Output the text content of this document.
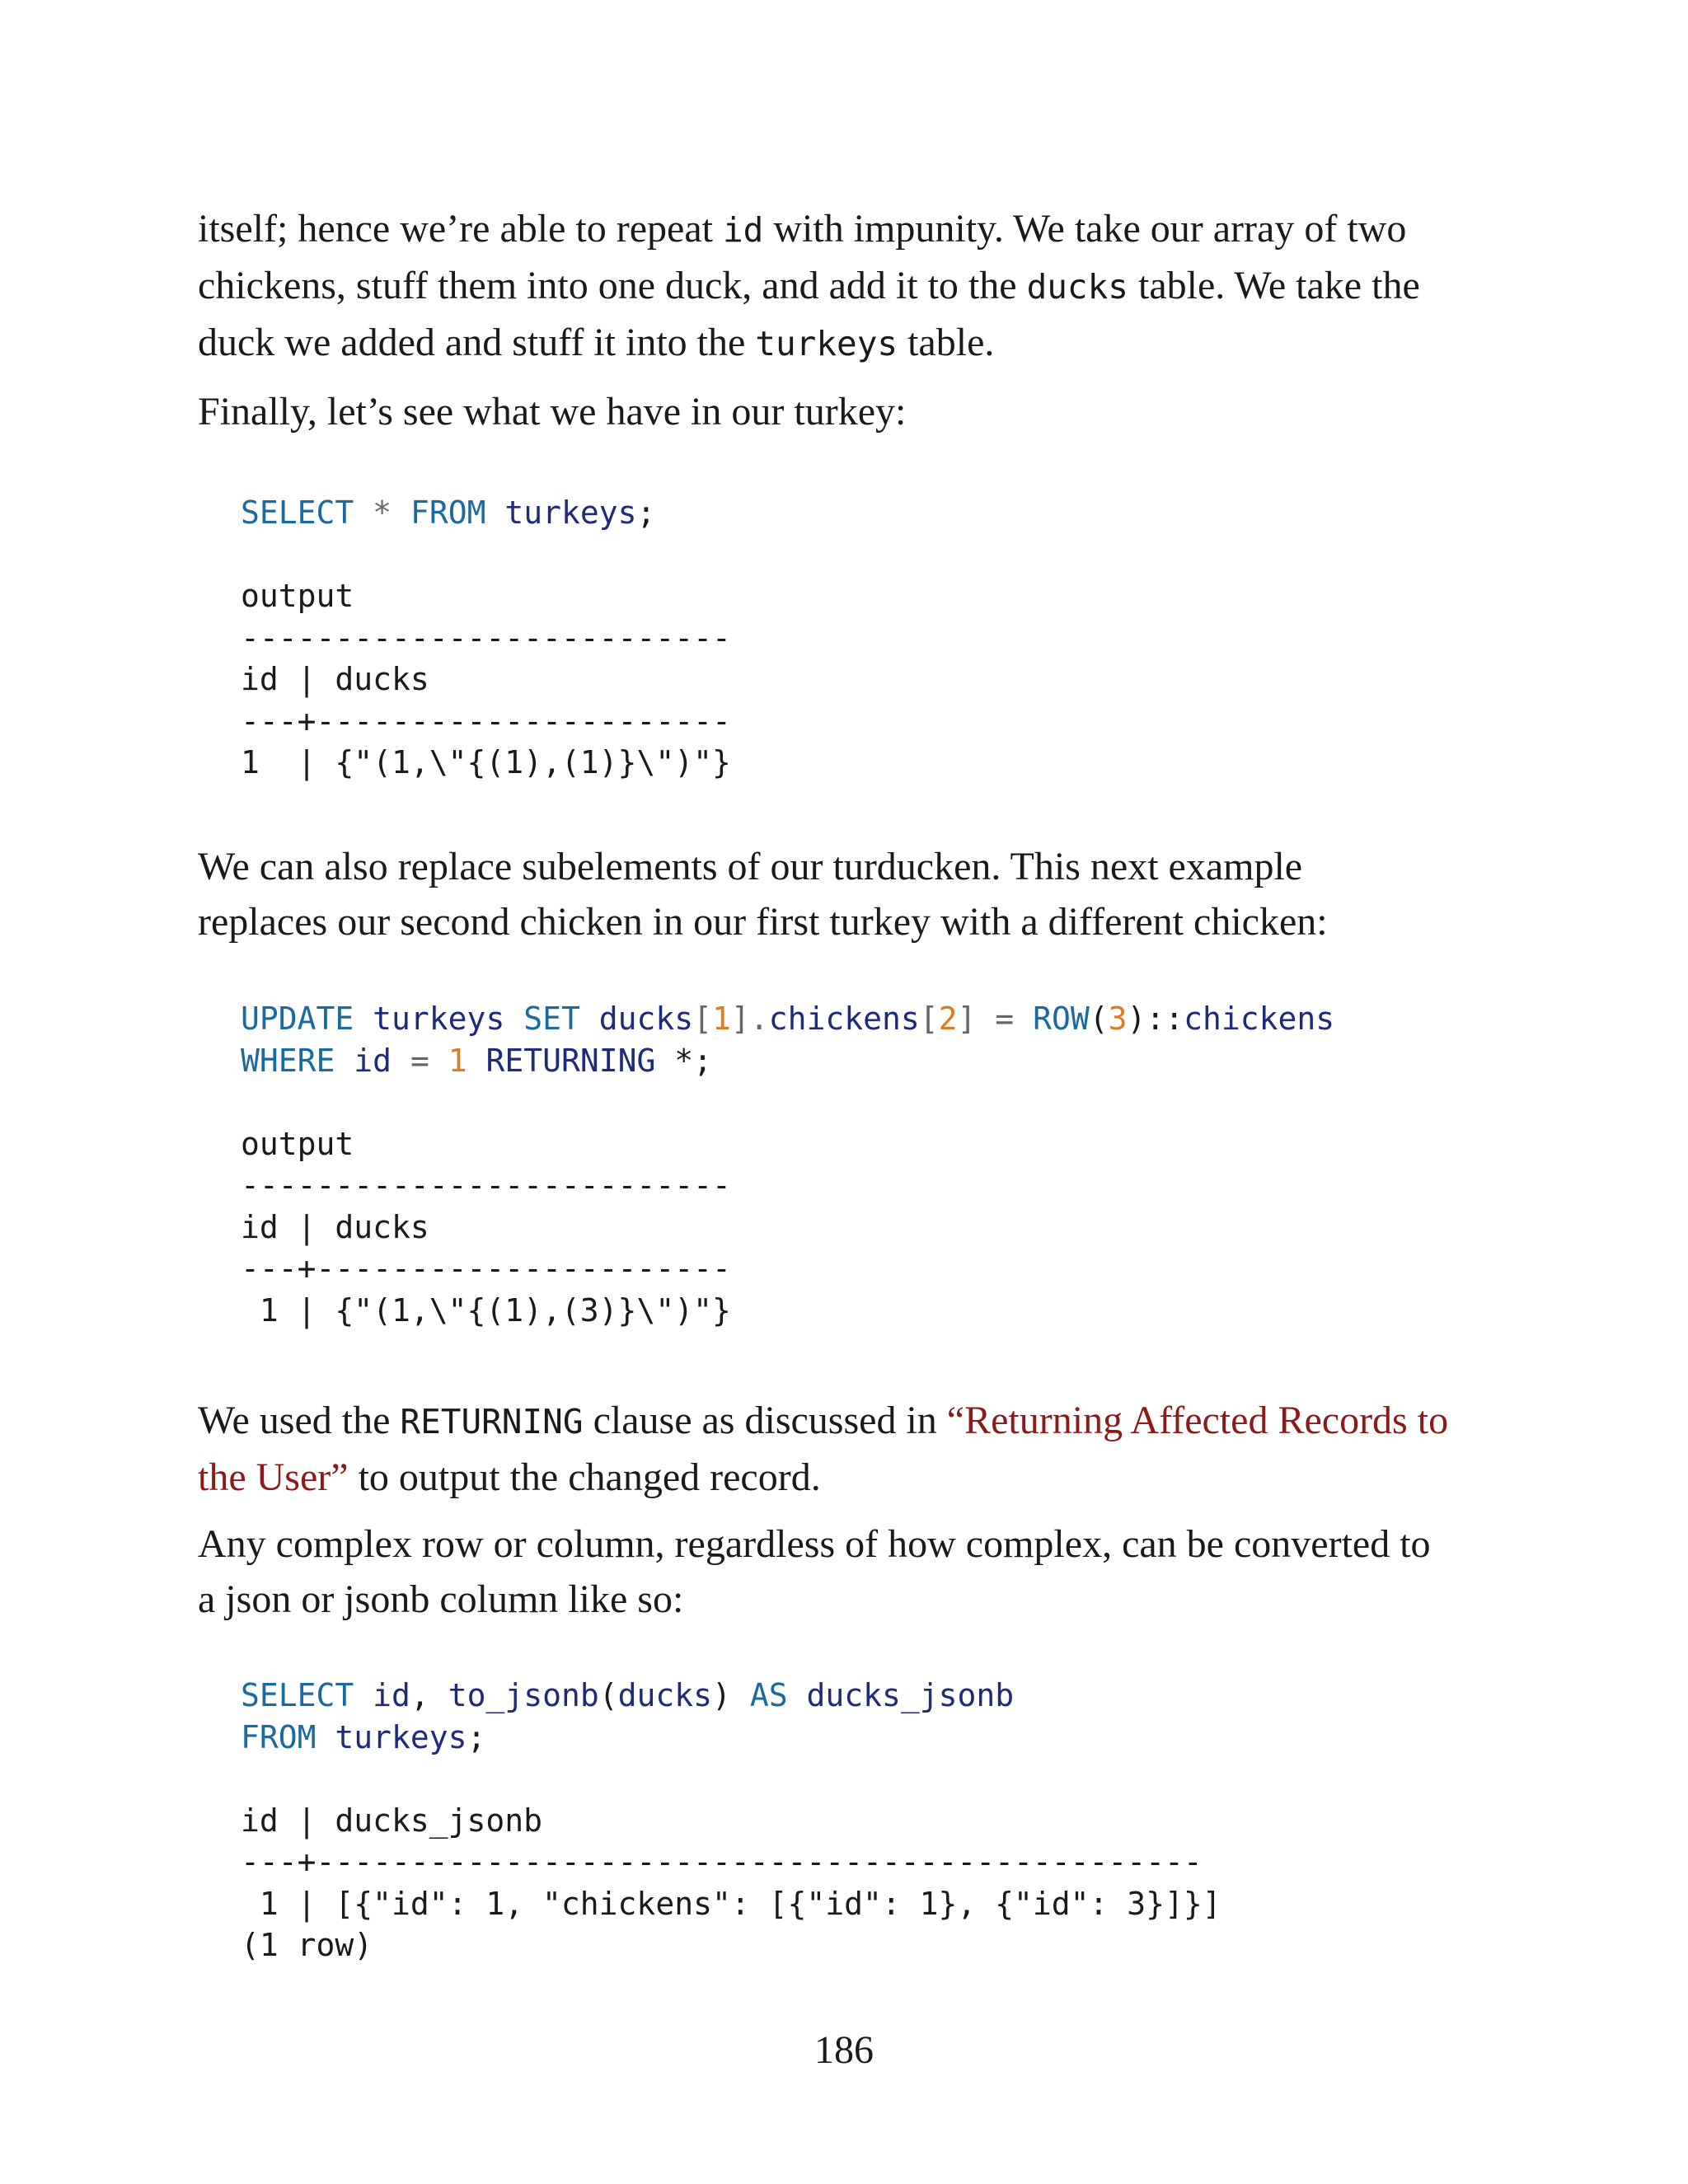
itself; hence we’re able to repeat id with impunity. We take our array of two chickens, stuff them into one duck, and add it to the ducks table. We take the duck we added and stuff it into the turkeys table.

Finally, let’s see what we have in our turkey:

SELECT * FROM turkeys;

output
--------------------------
id | ducks
---+----------------------
1  | {"(1,\"{(1),(1)}\")"}

We can also replace subelements of our turducken. This next example
replaces our second chicken in our first turkey with a different chicken:

UPDATE turkeys SET ducks[1].chickens[2] = ROW(3)::chickens
WHERE id = 1 RETURNING *;

output
--------------------------
id | ducks
---+----------------------
1 | {"(1,\"{(1),(3)}\")"}

We used the RETURNING clause as discussed in “Returning Affected Records to the User” to output the changed record.

Any complex row or column, regardless of how complex, can be converted to
a json or jsonb column like so:

SELECT id, to_jsonb(ducks) AS ducks_jsonb
FROM turkeys;

id | ducks_jsonb
---+-----------------------------------------------
1 | [{"id": 1, "chickens": [{"id": 1}, {"id": 3}]}]
(1 row)
186
